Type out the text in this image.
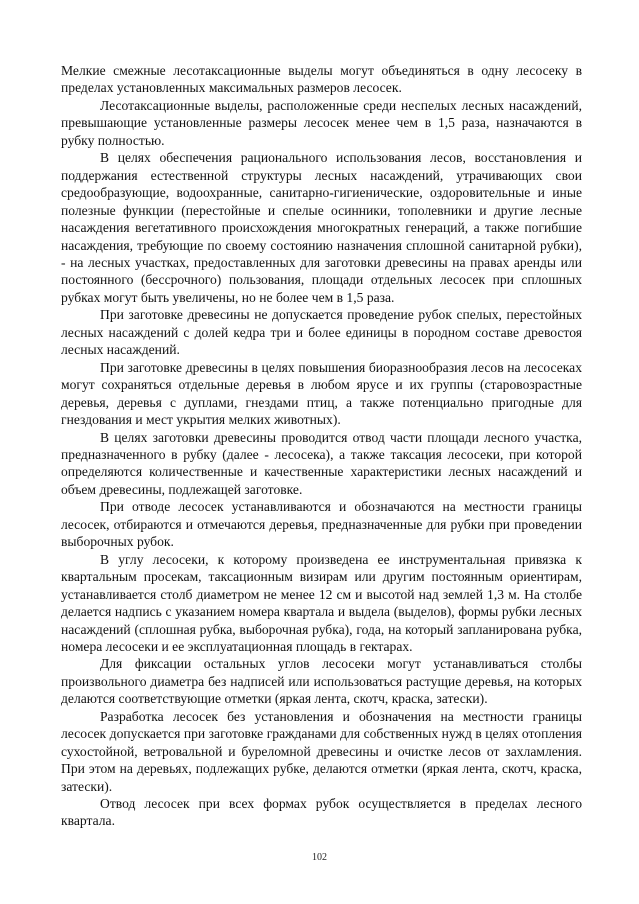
Мелкие смежные лесотаксационные выделы могут объединяться в одну лесосеку в пределах установленных максимальных размеров лесосек.

Лесотаксационные выделы, расположенные среди неспелых лесных насаждений, превышающие установленные размеры лесосек менее чем в 1,5 раза, назначаются в рубку полностью.

В целях обеспечения рационального использования лесов, восстановления и поддержания естественной структуры лесных насаждений, утрачивающих свои средообразующие, водоохранные, санитарно-гигиенические, оздоровительные и иные полезные функции (перестойные и спелые осинники, тополевники и другие лесные насаждения вегетативного происхождения многократных генераций, а также погибшие насаждения, требующие по своему состоянию назначения сплошной санитарной рубки), - на лесных участках, предоставленных для заготовки древесины на правах аренды или постоянного (бессрочного) пользования, площади отдельных лесосек при сплошных рубках могут быть увеличены, но не более чем в 1,5 раза.

При заготовке древесины не допускается проведение рубок спелых, перестойных лесных насаждений с долей кедра три и более единицы в породном составе древостоя лесных насаждений.

При заготовке древесины в целях повышения биоразнообразия лесов на лесосеках могут сохраняться отдельные деревья в любом ярусе и их группы (старовозрастные деревья, деревья с дуплами, гнездами птиц, а также потенциально пригодные для гнездования и мест укрытия мелких животных).

В целях заготовки древесины проводится отвод части площади лесного участка, предназначенного в рубку (далее - лесосека), а также таксация лесосеки, при которой определяются количественные и качественные характеристики лесных насаждений и объем древесины, подлежащей заготовке.

При отводе лесосек устанавливаются и обозначаются на местности границы лесосек, отбираются и отмечаются деревья, предназначенные для рубки при проведении выборочных рубок.

В углу лесосеки, к которому произведена ее инструментальная привязка к квартальным просекам, таксационным визирам или другим постоянным ориентирам, устанавливается столб диаметром не менее 12 см и высотой над землей 1,3 м. На столбе делается надпись с указанием номера квартала и выдела (выделов), формы рубки лесных насаждений (сплошная рубка, выборочная рубка), года, на который запланирована рубка, номера лесосеки и ее эксплуатационная площадь в гектарах.

Для фиксации остальных углов лесосеки могут устанавливаться столбы произвольного диаметра без надписей или использоваться растущие деревья, на которых делаются соответствующие отметки (яркая лента, скотч, краска, затески).

Разработка лесосек без установления и обозначения на местности границы лесосек допускается при заготовке гражданами для собственных нужд в целях отопления сухостойной, ветровальной и буреломной древесины и очистке лесов от захламления. При этом на деревьях, подлежащих рубке, делаются отметки (яркая лента, скотч, краска, затески).

Отвод лесосек при всех формах рубок осуществляется в пределах лесного квартала.

102
